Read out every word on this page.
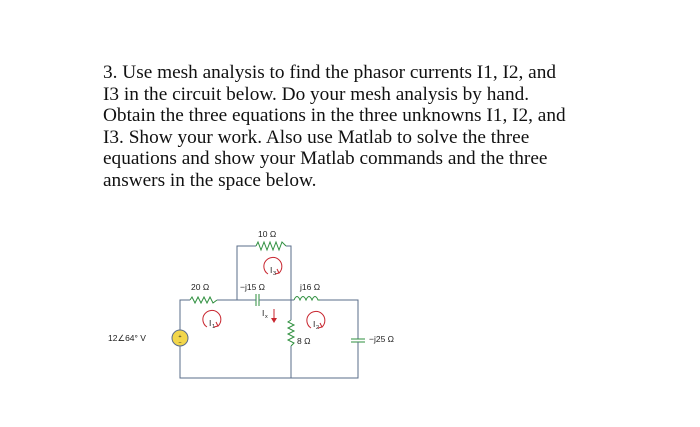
3. Use mesh analysis to find the phasor currents I1, I2, and
I3 in the circuit below. Do your mesh analysis by hand.
Obtain the three equations in the three unknowns I1, I2, and
I3. Show your work. Also use Matlab to solve the three
equations and show your Matlab commands and the three
answers in the space below.
+
−
12∠64° V
10 Ω
20 Ω	−j15 Ω	j16 Ω
8 Ω	−j25 Ω
I 1	I 2
I 3
I x
